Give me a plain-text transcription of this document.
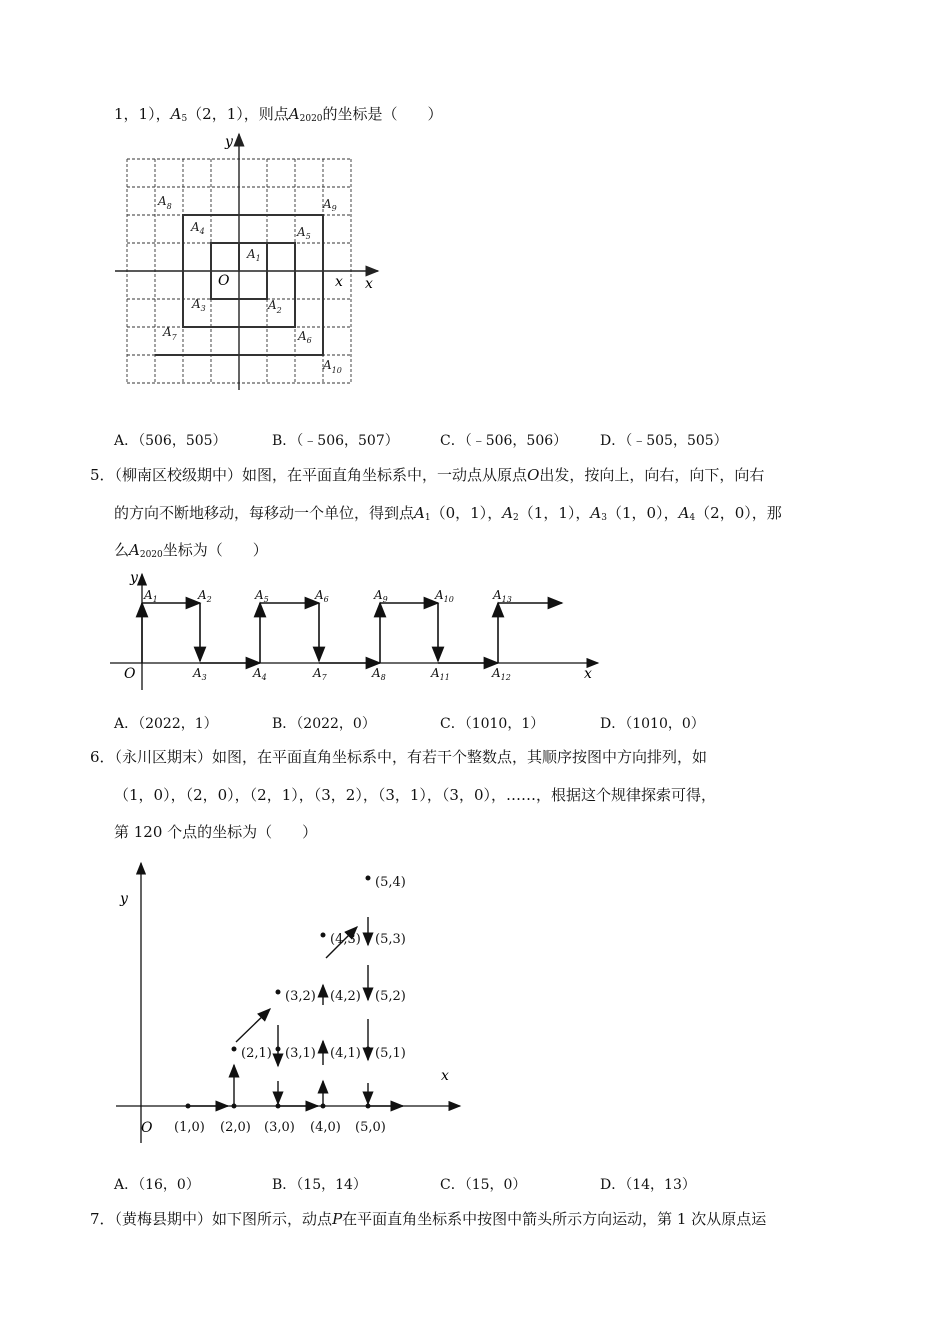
1，1），$A_5(2$，1），则点$A_{2020}$的坐标是（　　）
y
x x
O
$A_8$	$A_9$
$A_4$	$A_5$
$A_1$
$A_3$	$A_2$
$A_7$	$A_6$
$A_{10}$
A．（506，505）	B．（﹣506，507）	C．（﹣506，506） D．（﹣505，505）
5．（柳南区校级期中）如图，在平面直角坐标系中，一动点从原点O出发，按向上，向右，向下，向右
的方向不断地移动，每移动一个单位，得到点$A_1(0$，1），$A_2(1$，1），$A_3(1$，0），$A_4(2$，0），那
么$A_{2020}$坐标为（　　）
y
x
O
$A_1$	$A_2$	$A_5$	$A_6$	$A_9$	$A_{10}$	$A_{13}$
$A_3$	$A_4$	$A_7$	$A_8$	$A_{11}$	$A_{12}$
A．（2022，1）	B．（2022，0）	C．（1010，1）	D．（1010，0）
6．（永川区期末）如图，在平面直角坐标系中，有若干个整数点，其顺序按图中方向排列，如
（1，0），（2，0），（2，1），（3，2），（3，1），（3，0），……，根据这个规律探索可得，
第 120 个点的坐标为（　　）
y
x
O (1,0) (2,0) (3,0) (4,0) (5,0)
(2,1) (3,1) (4,1) (5,1)
(3,2) (4,2) (5,2)
(4,3) (5,3)
(5,4)
A．（16，0）	B．（15，14）	C．（15，0）	D．（14，13）
7．（黄梅县期中）如下图所示，动点P在平面直角坐标系中按图中箭头所示方向运动，第 1 次从原点运
